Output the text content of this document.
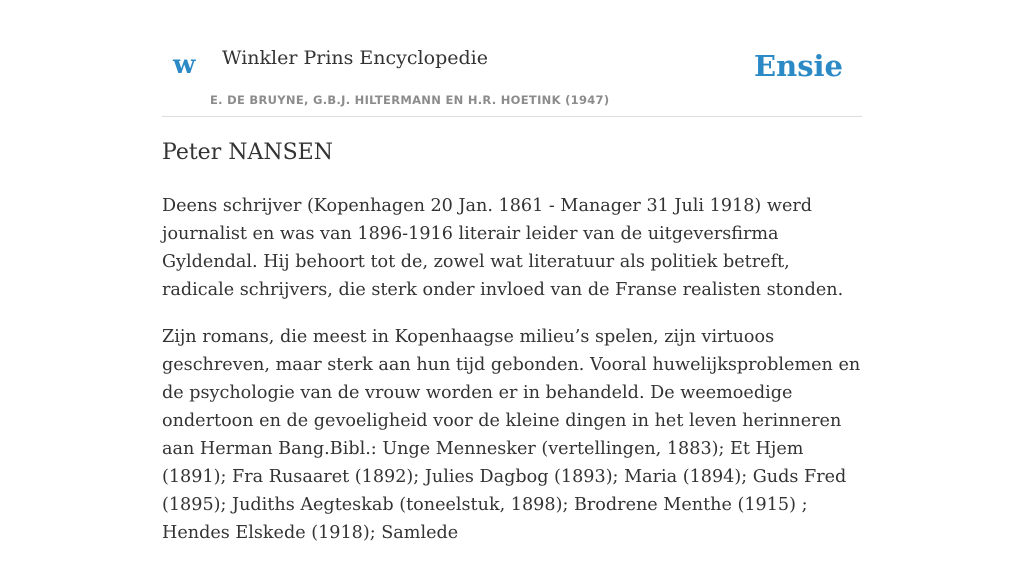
w Winkler Prins Encyclopedie
E. DE BRUYNE, G.B.J. HILTERMANN EN H.R. HOETINK (1947)
Ensie
Peter NANSEN

Deens schrijver (Kopenhagen 20 Jan. 1861 - Manager 31 Juli 1918) werd journalist en was van 1896-1916 literair leider van de uitgeversfirma Gyldendal. Hij behoort tot de, zowel wat literatuur als politiek betreft, radicale schrijvers, die sterk onder invloed van de Franse realisten stonden.

Zijn romans, die meest in Kopenhaagse milieu’s spelen, zijn virtuoos geschreven, maar sterk aan hun tijd gebonden. Vooral huwelijksproblemen en de psychologie van de vrouw worden er in behandeld. De weemoedige ondertoon en de gevoeligheid voor de kleine dingen in het leven herinneren aan Herman Bang.Bibl.: Unge Mennesker (vertellingen, 1883); Et Hjem (1891); Fra Rusaaret (1892); Julies Dagbog (1893); Maria (1894); Guds Fred (1895); Judiths Aegteskab (toneelstuk, 1898); Brodrene Menthe (1915) ; Hendes Elskede (1918); Samlede
